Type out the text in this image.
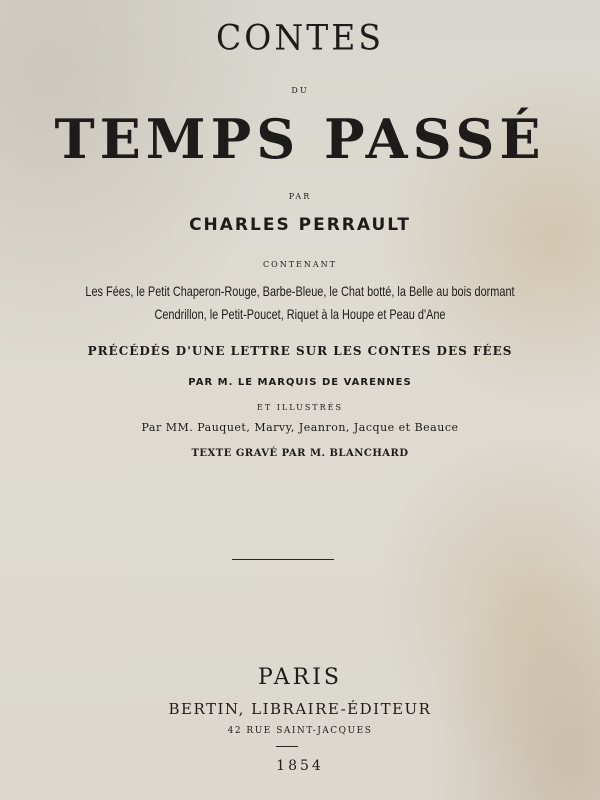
CONTES
DU
TEMPS PASSÉ
PAR
CHARLES PERRAULT
CONTENANT
Les Fées, le Petit Chaperon-Rouge, Barbe-Bleue, le Chat botté, la Belle au bois dormant
Cendrillon, le Petit-Poucet, Riquet à la Houpe et Peau d'Ane
PRÉCÉDÉS D'UNE LETTRE SUR LES CONTES DES FÉES
PAR M. LE MARQUIS DE VARENNES
ET ILLUSTRÉS
Par MM. Pauquet, Marvy, Jeanron, Jacque et Beauce
TEXTE GRAVÉ PAR M. BLANCHARD
PARIS
BERTIN, LIBRAIRE-ÉDITEUR
42 RUE SAINT-JACQUES
1854
